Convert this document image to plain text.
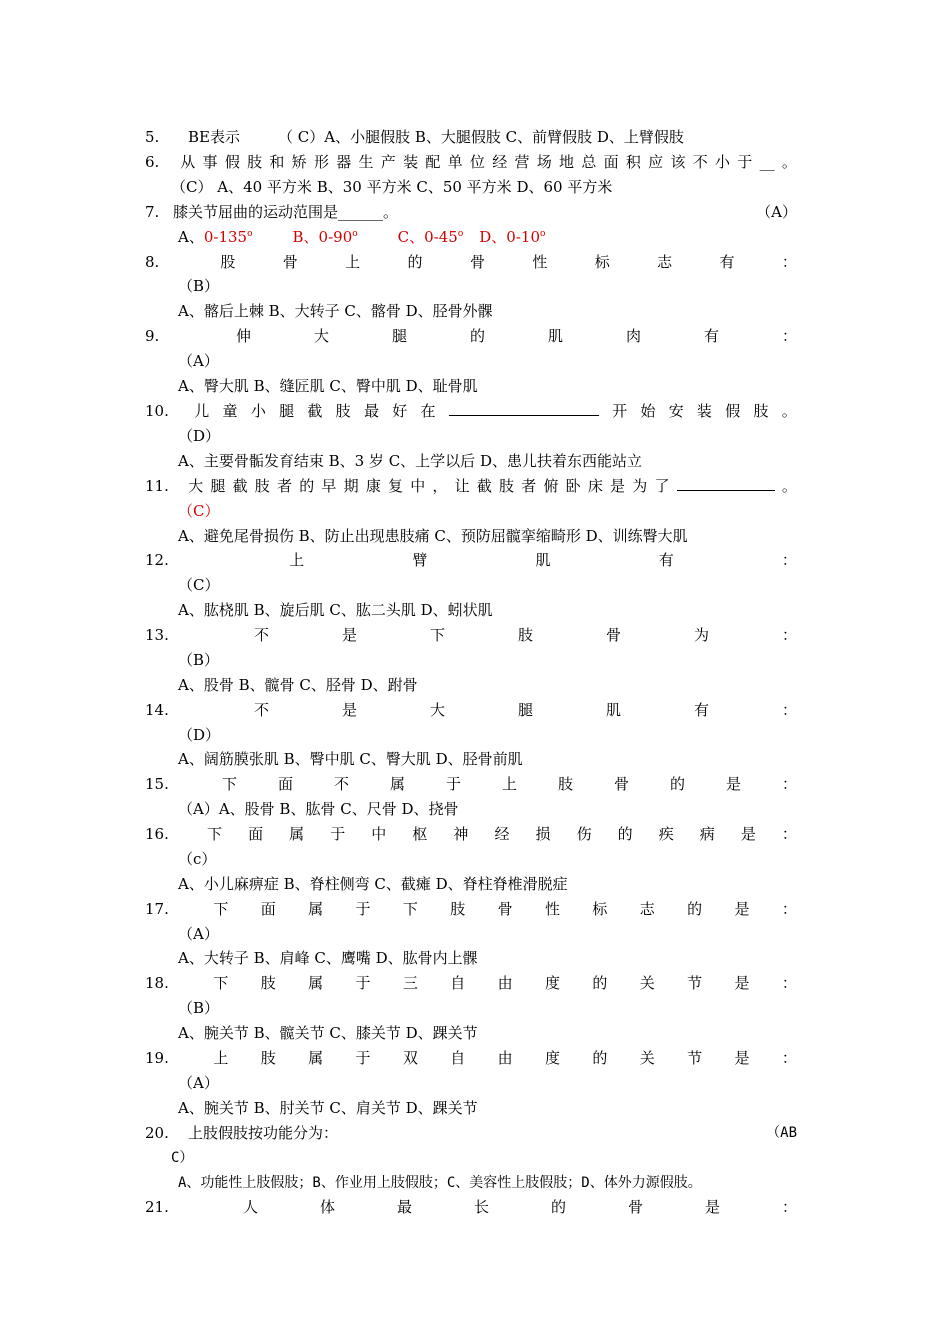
5. BE表示	（ C）A、小腿假肢 B、大腿假肢 C、前臂假肢 D、上臂假肢
6.	从 事 假 肢 和 矫 形 器 生 产 装 配 单 位 经 营 场 地 总 面 积 应 该 不 小 于 __ 。
（C） A、40 平方米 B、30 平方米 C、50 平方米 D、60 平方米
7. 膝关节屈曲的运动范围是______。	（A）
A、0-135$^o$	B、0-90$^o$	C、0-45$^o$ D、0-10$^o$
8.	股	骨	上	的	骨	性	标	志	有	：
（B）
A、髂后上棘 B、大转子 C、髂骨 D、胫骨外髁
9.	伸	大	腿	的	肌	肉	有	：
（A）
A、臀大肌 B、缝匠肌 C、臀中肌 D、耻骨肌
10.	儿 童 小 腿 截 肢 最 好 在	开 始 安 装 假 肢 。
（D）
A、主要骨骺发育结束 B、3 岁 C、上学以后 D、患儿扶着东西能站立
11.	大 腿 截 肢 者 的 早 期 康 复 中 ， 让 截 肢 者 俯 卧 床 是 为 了	。
（C）
A、避免尾骨损伤 B、防止出现患肢痛 C、预防屈髋挛缩畸形 D、训练臀大肌
12.	上	臂	肌	有	：
（C）
A、肱桡肌 B、旋后肌 C、肱二头肌 D、蚓状肌
13.	不	是	下	肢	骨	为	：
（B）
A、股骨 B、髋骨 C、胫骨 D、跗骨
14.	不	是	大	腿	肌	有	：
（D）
A、阔筋膜张肌 B、臀中肌 C、臀大肌 D、胫骨前肌
15.	下	面	不	属	于	上	肢	骨	的	是	：
（A）A、股骨 B、肱骨 C、尺骨 D、挠骨
16.	下 面 属 于 中 枢 神 经 损 伤 的 疾 病 是 ：
（c）
A、小儿麻痹症 B、脊柱侧弯 C、截瘫 D、脊柱脊椎滑脱症
17.	下 面 属 于 下 肢 骨 性 标 志 的 是 ：
（A）
A、大转子 B、肩峰 C、鹰嘴 D、肱骨内上髁
18.	下 肢 属 于 三 自 由 度 的 关 节 是 ：
（B）
A、腕关节 B、髋关节 C、膝关节 D、踝关节
19.	上 肢 属 于 双 自 由 度 的 关 节 是 ：
（A）
A、腕关节 B、肘关节 C、肩关节 D、踝关节
20. 上肢假肢按功能分为：	（AB
C）
A、功能性上肢假肢；B、作业用上肢假肢；C、美容性上肢假肢；D、体外力源假肢。
21.	人	体	最	长	的	骨	是	：
